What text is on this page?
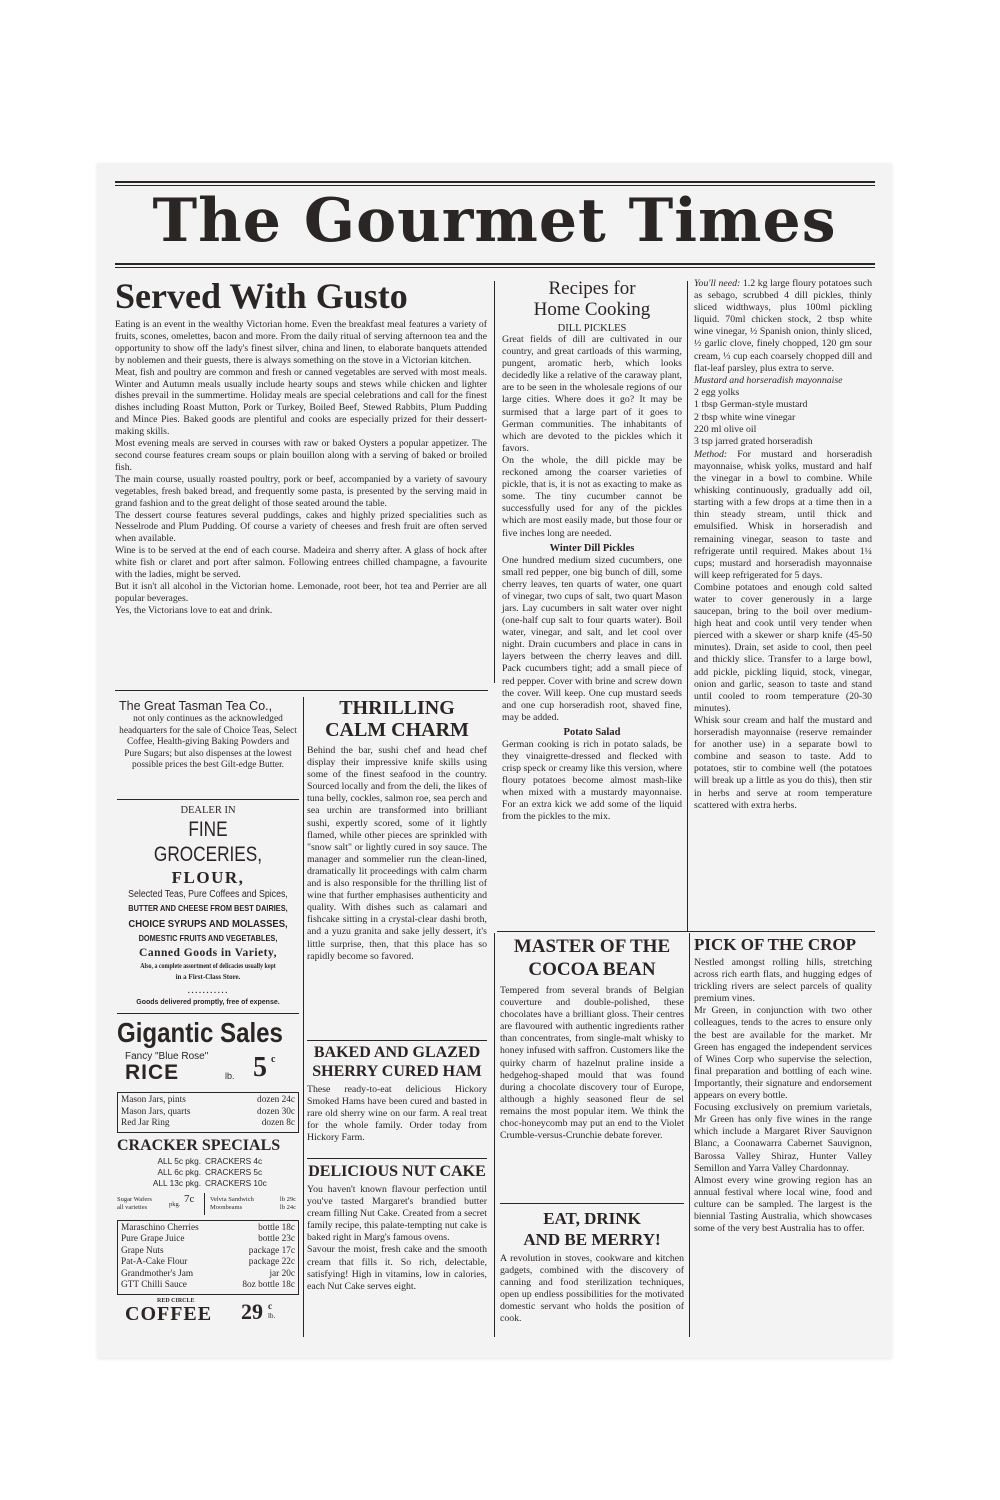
The Gourmet Times
Served With Gusto

Eating is an event in the wealthy Victorian home. Even the breakfast meal features a variety of fruits, scones, omelettes, bacon and more. From the daily ritual of serving afternoon tea and the opportunity to show off the lady's finest silver, china and linen, to elaborate banquets attended by noblemen and their guests, there is always something on the stove in a Victorian kitchen.

Meat, fish and poultry are common and fresh or canned vegetables are served with most meals. Winter and Autumn meals usually include hearty soups and stews while chicken and lighter dishes prevail in the summertime. Holiday meals are special celebrations and call for the finest dishes including Roast Mutton, Pork or Turkey, Boiled Beef, Stewed Rabbits, Plum Pudding and Mince Pies. Baked goods are plentiful and cooks are especially prized for their dessert-making skills.

Most evening meals are served in courses with raw or baked Oysters a popular appetizer. The second course features cream soups or plain bouillon along with a serving of baked or broiled fish.

The main course, usually roasted poultry, pork or beef, accompanied by a variety of savoury vegetables, fresh baked bread, and frequently some pasta, is presented by the serving maid in grand fashion and to the great delight of those seated around the table.

The dessert course features several puddings, cakes and highly prized specialities such as Nesselrode and Plum Pudding. Of course a variety of cheeses and fresh fruit are often served when available.

Wine is to be served at the end of each course. Madeira and sherry after. A glass of hock after white fish or claret and port after salmon. Following entrees chilled champagne, a favourite with the ladies, might be served.

But it isn't all alcohol in the Victorian home. Lemonade, root beer, hot tea and Perrier are all popular beverages.

Yes, the Victorians love to eat and drink.

Recipes for
Home Cooking
DILL PICKLES

Great fields of dill are cultivated in our country, and great cartloads of this warming, pungent, aromatic herb, which looks decidedly like a relative of the caraway plant, are to be seen in the wholesale regions of our large cities. Where does it go? It may be surmised that a large part of it goes to German communities. The inhabitants of which are devoted to the pickles which it favors.

On the whole, the dill pickle may be reckoned among the coarser varieties of pickle, that is, it is not as exacting to make as some. The tiny cucumber cannot be successfully used for any of the pickles which are most easily made, but those four or five inches long are needed.

Winter Dill Pickles
One hundred medium sized cucumbers, one small red pepper, one big bunch of dill, some cherry leaves, ten quarts of water, one quart of vinegar, two cups of salt, two quart Mason jars. Lay cucumbers in salt water over night (one-half cup salt to four quarts water). Boil water, vinegar, and salt, and let cool over night. Drain cucumbers and place in cans in layers between the cherry leaves and dill. Pack cucumbers tight; add a small piece of red pepper. Cover with brine and screw down the cover. Will keep. One cup mustard seeds and one cup horseradish root, shaved fine, may be added.
Potato Salad
German cooking is rich in potato salads, be they vinaigrette-dressed and flecked with crisp speck or creamy like this version, where floury potatoes become almost mash-like when mixed with a mustardy mayonnaise. For an extra kick we add some of the liquid from the pickles to the mix.
You'll need: 1.2 kg large floury potatoes such as sebago, scrubbed 4 dill pickles, thinly sliced widthways, plus 100ml pickling liquid. 70ml chicken stock, 2 tbsp white wine vinegar, ½ Spanish onion, thinly sliced, ½ garlic clove, finely chopped, 120 gm sour cream, ⅓ cup each coarsely chopped dill and flat-leaf parsley, plus extra to serve.
Mustard and horseradish mayonnaise
2 egg yolks
1 tbsp German-style mustard
2 tbsp white wine vinegar
220 ml olive oil
3 tsp jarred grated horseradish
Method: For mustard and horseradish mayonnaise, whisk yolks, mustard and half the vinegar in a bowl to combine. While whisking continuously, gradually add oil, starting with a few drops at a time then in a thin steady stream, until thick and emulsified. Whisk in horseradish and remaining vinegar, season to taste and refrigerate until required. Makes about 1¼ cups; mustard and horseradish mayonnaise will keep refrigerated for 5 days.
Combine potatoes and enough cold salted water to cover generously in a large saucepan, bring to the boil over medium-high heat and cook until very tender when pierced with a skewer or sharp knife (45-50 minutes). Drain, set aside to cool, then peel and thickly slice. Transfer to a large bowl, add pickle, pickling liquid, stock, vinegar, onion and garlic, season to taste and stand until cooled to room temperature (20-30 minutes).
Whisk sour cream and half the mustard and horseradish mayonnaise (reserve remainder for another use) in a separate bowl to combine and season to taste. Add to potatoes, stir to combine well (the potatoes will break up a little as you do this), then stir in herbs and serve at room temperature scattered with extra herbs.
The Great Tasman Tea Co.,
not only continues as the acknowledged headquarters for the sale of Choice Teas, Select Coffee, Health-giving Baking Powders and Pure Sugars; but also dispenses at the lowest possible prices the best Gilt-edge Butter.
DEALER IN
FINE GROCERIES,
FLOUR,
Selected Teas, Pure Coffees and Spices,
BUTTER AND CHEESE FROM BEST DAIRIES,
CHOICE SYRUPS AND MOLASSES,
DOMESTIC FRUITS AND VEGETABLES,
Canned Goods in Variety,
Also, a complete assortment of delicacies usually kept
in a First-Class Store.
...........
Goods delivered promptly, free of expense.
Gigantic Sales
Fancy "Blue Rose"
RICE	lb. 5 c
Mason Jars, pints	dozen 24c
Mason Jars, quarts	dozen 30c
Red Jar Ring	dozen 8c
CRACKER SPECIALS
ALL 5c pkg. CRACKERS 4c
ALL 6c pkg. CRACKERS 5c
ALL 13c pkg. CRACKERS 10c
Sugar Wafers
all varieties	pkg. 7c Velvia Sandwich	lb 29c
Moonbeams	lb 24c
Maraschino Cherries	bottle 18c
Pure Grape Juice	bottle 23c
Grape Nuts	package 17c
Pat-A-Cake Flour	package 22c
Grandmother's Jam	jar 20c
GTT Chilli Sauce	8oz bottle 18c
RED CIRCLE
COFFEE 29 c
lb.
THRILLING
CALM CHARM
Behind the bar, sushi chef and head chef display their impressive knife skills using some of the finest seafood in the country. Sourced locally and from the deli, the likes of tuna belly, cockles, salmon roe, sea perch and sea urchin are transformed into brilliant sushi, expertly scored, some of it lightly flamed, while other pieces are sprinkled with "snow salt" or lightly cured in soy sauce. The manager and sommelier run the clean-lined, dramatically lit proceedings with calm charm and is also responsible for the thrilling list of wine that further emphasises authenticity and quality. With dishes such as calamari and fishcake sitting in a crystal-clear dashi broth, and a yuzu granita and sake jelly dessert, it's little surprise, then, that this place has so rapidly become so favored.
BAKED AND GLAZED
SHERRY CURED HAM
These ready-to-eat delicious Hickory Smoked Hams have been cured and basted in rare old sherry wine on our farm. A real treat for the whole family. Order today from Hickory Farm.
DELICIOUS NUT CAKE

You haven't known flavour perfection until you've tasted Margaret's brandied butter cream filling Nut Cake. Created from a secret family recipe, this palate-tempting nut cake is baked right in Marg's famous ovens.

Savour the moist, fresh cake and the smooth cream that fills it. So rich, delectable, satisfying! High in vitamins, low in calories, each Nut Cake serves eight.

MASTER OF THE
COCOA BEAN
Tempered from several brands of Belgian couverture and double-polished, these chocolates have a brilliant gloss. Their centres are flavoured with authentic ingredients rather than concentrates, from single-malt whisky to honey infused with saffron. Customers like the quirky charm of hazelnut praline inside a hedgehog-shaped mould that was found during a chocolate discovery tour of Europe, although a highly seasoned fleur de sel remains the most popular item. We think the choc-honeycomb may put an end to the Violet Crumble-versus-Crunchie debate forever.
EAT, DRINK
AND BE MERRY!
A revolution in stoves, cookware and kitchen gadgets, combined with the discovery of canning and food sterilization techniques, open up endless possibilities for the motivated domestic servant who holds the position of cook.
PICK OF THE CROP

Nestled amongst rolling hills, stretching across rich earth flats, and hugging edges of trickling rivers are select parcels of quality premium vines.

Mr Green, in conjunction with two other colleagues, tends to the acres to ensure only the best are available for the market. Mr Green has engaged the independent services of Wines Corp who supervise the selection, final preparation and bottling of each wine. Importantly, their signature and endorsement appears on every bottle.

Focusing exclusively on premium varietals, Mr Green has only five wines in the range which include a Margaret River Sauvignon Blanc, a Coonawarra Cabernet Sauvignon, Barossa Valley Shiraz, Hunter Valley Semillon and Yarra Valley Chardonnay.

Almost every wine growing region has an annual festival where local wine, food and culture can be sampled. The largest is the biennial Tasting Australia, which showcases some of the very best Australia has to offer.
